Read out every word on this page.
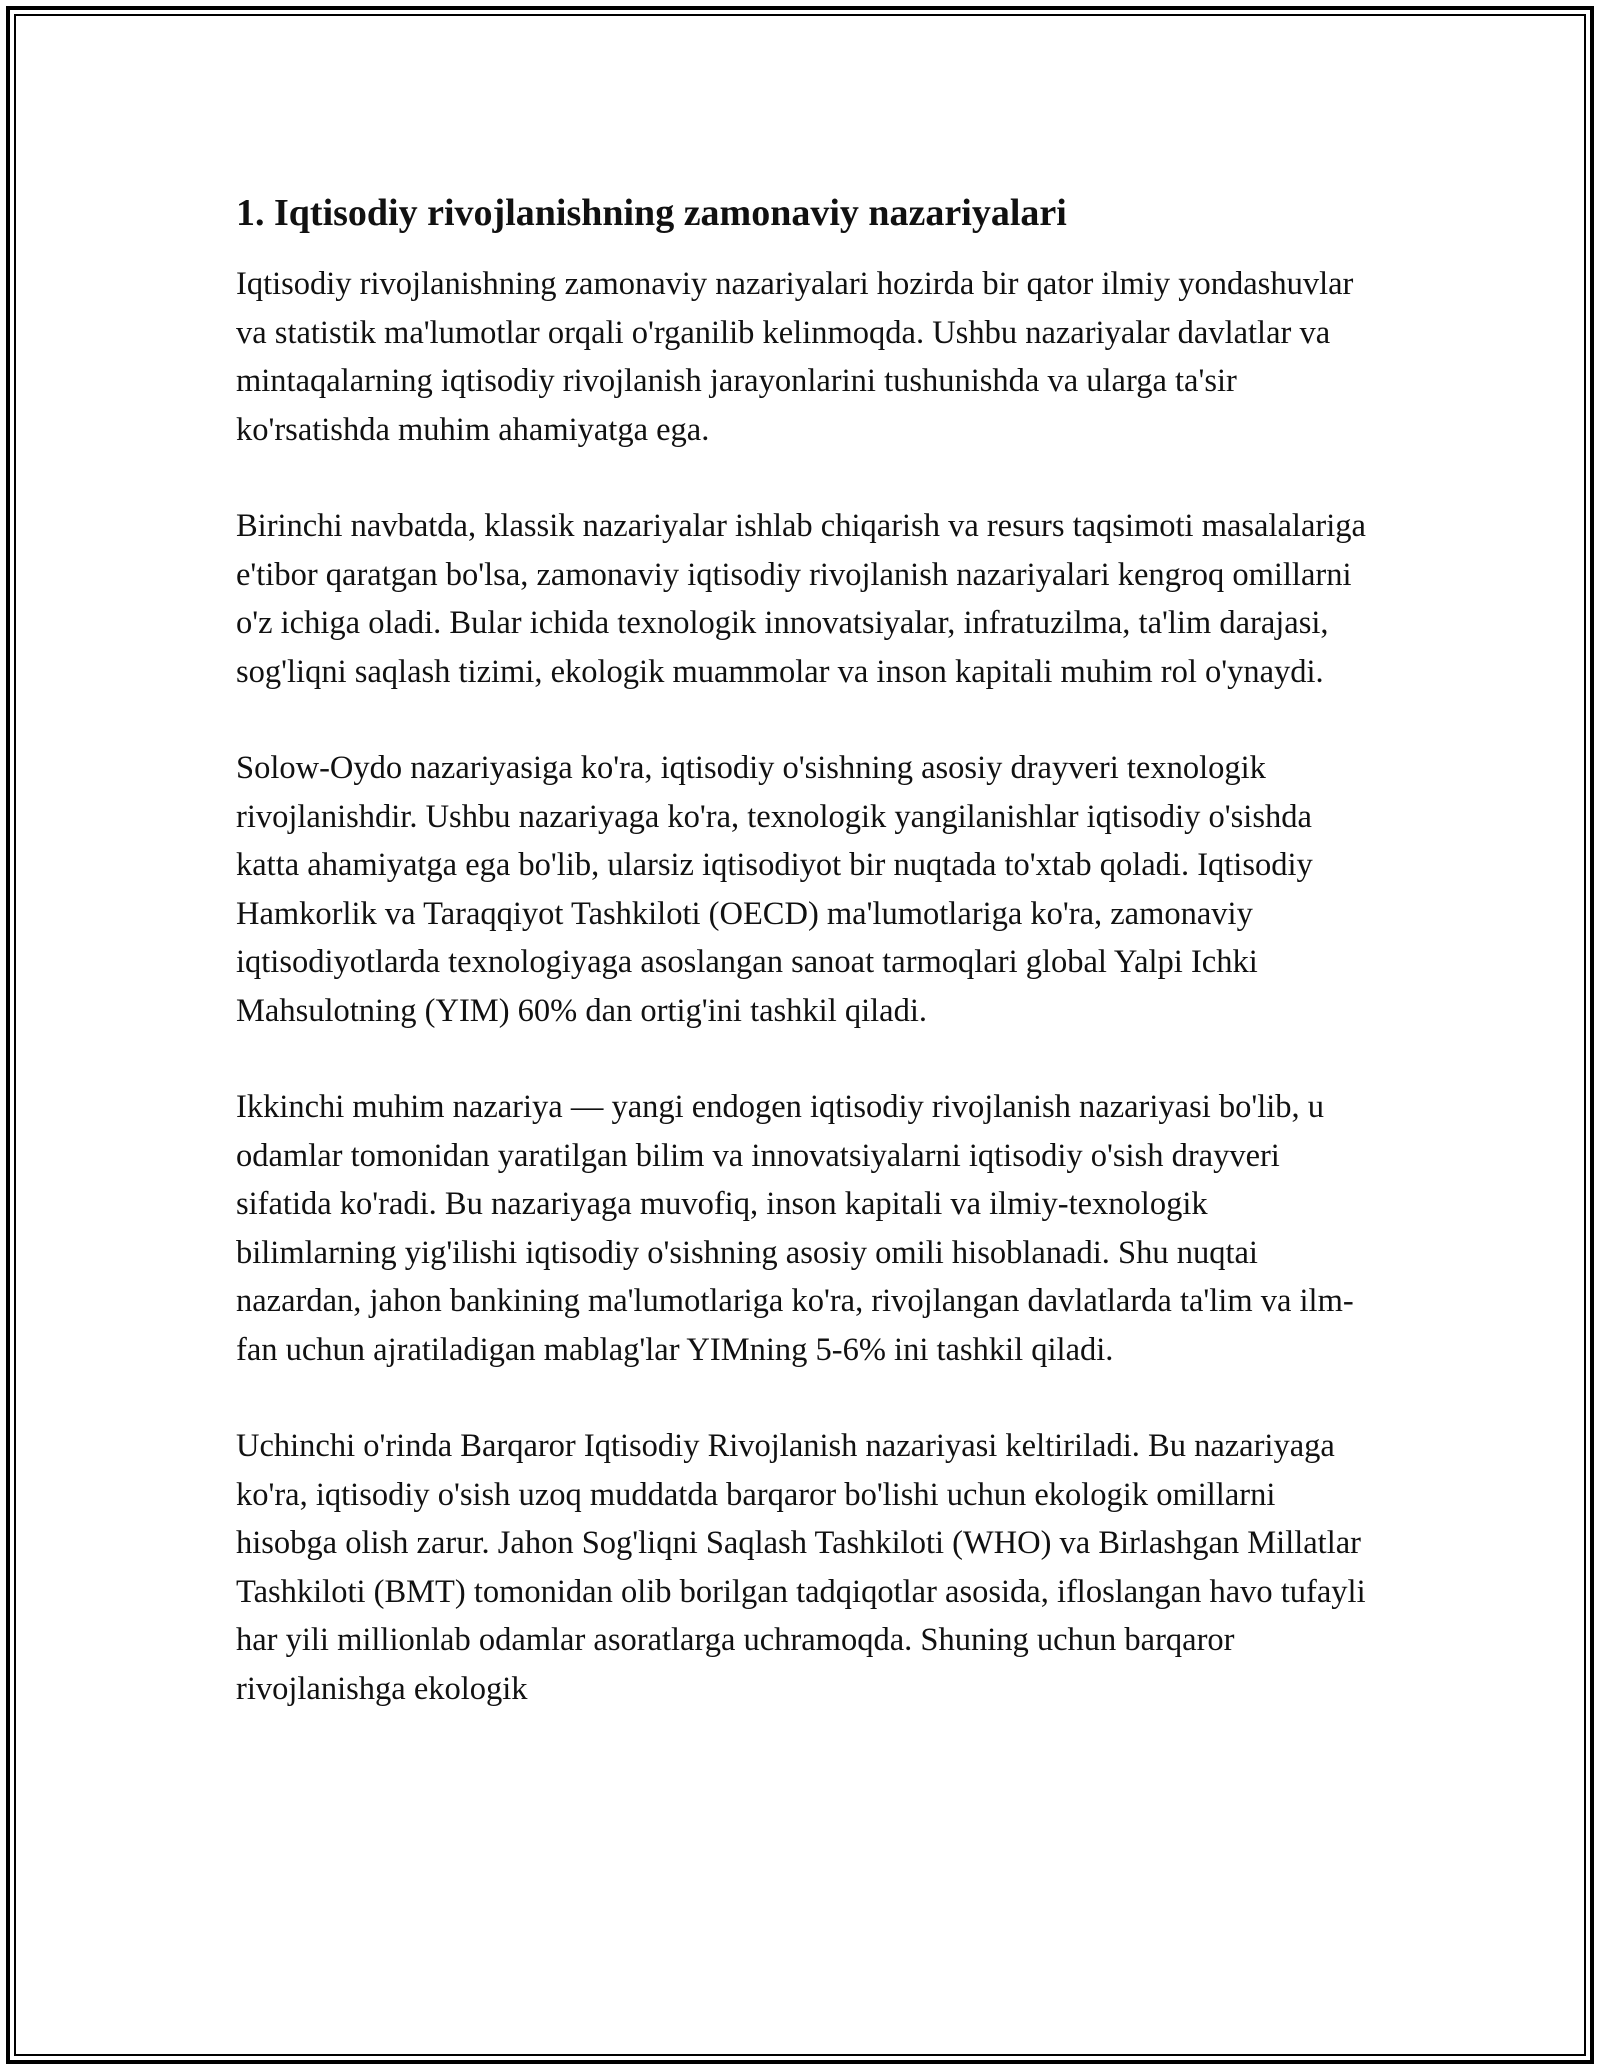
1. Iqtisodiy rivojlanishning zamonaviy nazariyalari

Iqtisodiy rivojlanishning zamonaviy nazariyalari hozirda bir qator ilmiy yondashuvlar va statistik ma'lumotlar orqali o'rganilib kelinmoqda. Ushbu nazariyalar davlatlar va mintaqalarning iqtisodiy rivojlanish jarayonlarini tushunishda va ularga ta'sir ko'rsatishda muhim ahamiyatga ega.

Birinchi navbatda, klassik nazariyalar ishlab chiqarish va resurs taqsimoti masalalariga e'tibor qaratgan bo'lsa, zamonaviy iqtisodiy rivojlanish nazariyalari kengroq omillarni o'z ichiga oladi. Bular ichida texnologik innovatsiyalar, infratuzilma, ta'lim darajasi, sog'liqni saqlash tizimi, ekologik muammolar va inson kapitali muhim rol o'ynaydi.

Solow-Oydo nazariyasiga ko'ra, iqtisodiy o'sishning asosiy drayveri texnologik rivojlanishdir. Ushbu nazariyaga ko'ra, texnologik yangilanishlar iqtisodiy o'sishda katta ahamiyatga ega bo'lib, ularsiz iqtisodiyot bir nuqtada to'xtab qoladi. Iqtisodiy Hamkorlik va Taraqqiyot Tashkiloti (OECD) ma'lumotlariga ko'ra, zamonaviy iqtisodiyotlarda texnologiyaga asoslangan sanoat tarmoqlari global Yalpi Ichki Mahsulotning (YIM) 60% dan ortig'ini tashkil qiladi.

Ikkinchi muhim nazariya — yangi endogen iqtisodiy rivojlanish nazariyasi bo'lib, u odamlar tomonidan yaratilgan bilim va innovatsiyalarni iqtisodiy o'sish drayveri sifatida ko'radi. Bu nazariyaga muvofiq, inson kapitali va ilmiy-texnologik bilimlarning yig'ilishi iqtisodiy o'sishning asosiy omili hisoblanadi. Shu nuqtai nazardan, jahon bankining ma'lumotlariga ko'ra, rivojlangan davlatlarda ta'lim va ilm-fan uchun ajratiladigan mablag'lar YIMning 5-6% ini tashkil qiladi.

Uchinchi o'rinda Barqaror Iqtisodiy Rivojlanish nazariyasi keltiriladi. Bu nazariyaga ko'ra, iqtisodiy o'sish uzoq muddatda barqaror bo'lishi uchun ekologik omillarni hisobga olish zarur. Jahon Sog'liqni Saqlash Tashkiloti (WHO) va Birlashgan Millatlar Tashkiloti (BMT) tomonidan olib borilgan tadqiqotlar asosida, ifloslangan havo tufayli har yili millionlab odamlar asoratlarga uchramoqda. Shuning uchun barqaror rivojlanishga ekologik
